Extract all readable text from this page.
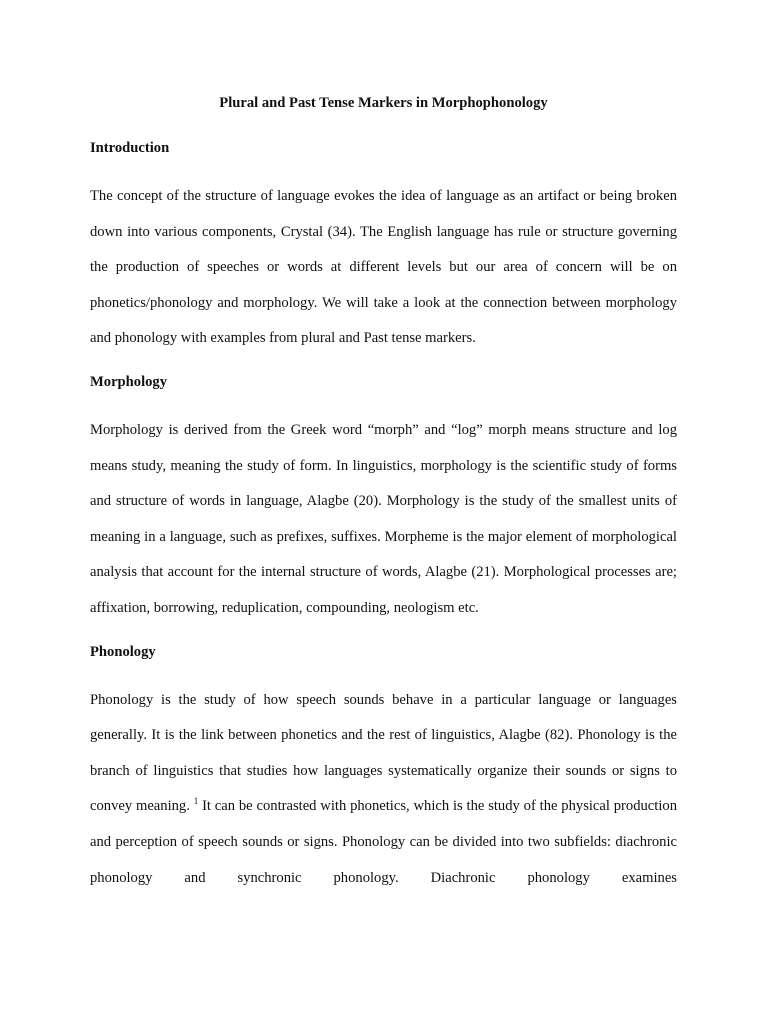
Plural and Past Tense Markers in Morphophonology
Introduction

The concept of the structure of language evokes the idea of language as an artifact or being broken down into various components, Crystal (34). The English language has rule or structure governing the production of speeches or words at different levels but our area of concern will be on phonetics/phonology and morphology. We will take a look at the connection between morphology and phonology with examples from plural and Past tense markers.

Morphology

Morphology is derived from the Greek word “morph” and “log” morph means structure and log means study, meaning the study of form. In linguistics, morphology is the scientific study of forms and structure of words in language, Alagbe (20). Morphology is the study of the smallest units of meaning in a language, such as prefixes, suffixes. Morpheme is the major element of morphological analysis that account for the internal structure of words, Alagbe (21). Morphological processes are; affixation, borrowing, reduplication, compounding, neologism etc.

Phonology

Phonology is the study of how speech sounds behave in a particular language or languages generally. It is the link between phonetics and the rest of linguistics, Alagbe (82). Phonology is the branch of linguistics that studies how languages systematically organize their sounds or signs to convey meaning. $^1$ It can be contrasted with phonetics, which is the study of the physical production and perception of speech sounds or signs. Phonology can be divided into two subfields: diachronic phonology and synchronic phonology. Diachronic phonology examines
